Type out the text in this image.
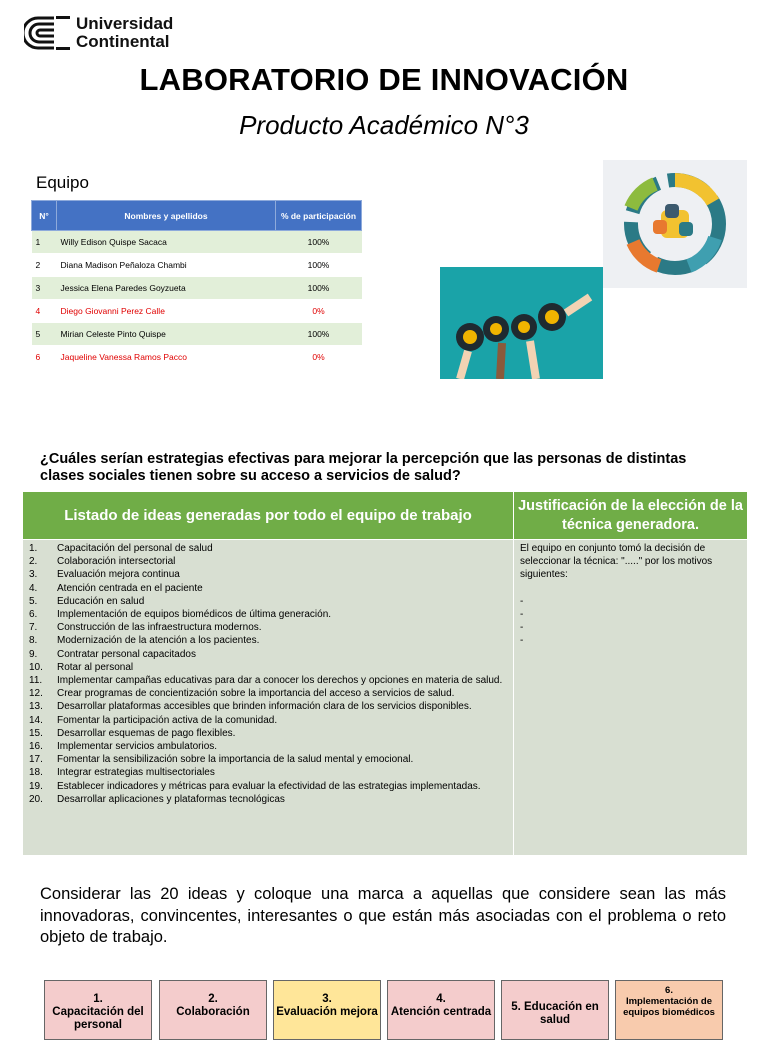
Universidad
Continental
LABORATORIO DE INNOVACIÓN
Producto Académico N°3
Equipo
N°	Nombres y apellidos	% de participación
1	Willy Edison Quispe Sacaca	100%
2	Diana Madison Peñaloza Chambi	100%
3	Jessica Elena Paredes Goyzueta	100%
4	Diego Giovanni Perez Calle	0%
5	Mirian Celeste Pinto Quispe	100%
6	Jaqueline Vanessa Ramos Pacco	0%
¿Cuáles serían estrategias efectivas para mejorar la percepción que las personas de distintas clases sociales tienen sobre su acceso a servicios de salud?
Listado de ideas generadas por todo el equipo de trabajo
Justificación de la elección de la técnica generadora.
1.	Capacitación del personal de salud
2.	Colaboración intersectorial
3.	Evaluación mejora continua
4.	Atención centrada en el paciente
5.	Educación en salud
6.	Implementación de equipos biomédicos de última generación.
7.	Construcción de las infraestructura modernos.
8.	Modernización de la atención a los pacientes.
9.	Contratar personal capacitados
10.	Rotar al personal
11.	Implementar campañas educativas para dar a conocer los derechos y opciones en materia de salud.
12.	Crear programas de concientización sobre la importancia del acceso a servicios de salud.
13.	Desarrollar plataformas accesibles que brinden información clara de los servicios disponibles.
14.	Fomentar la participación activa de la comunidad.
15.	Desarrollar esquemas de pago flexibles.
16.	Implementar servicios ambulatorios.
17.	Fomentar la sensibilización sobre la importancia de la salud mental y emocional.
18.	Integrar estrategias multisectoriales
19.	Establecer indicadores y métricas para evaluar la efectividad de las estrategias implementadas.
20.	Desarrollar aplicaciones y plataformas tecnológicas
El equipo en conjunto tomó la decisión de seleccionar la técnica: "....." por los motivos siguientes:
-
-
-
-
Considerar las 20 ideas y coloque una marca a aquellas que considere sean las más innovadoras, convincentes, interesantes o que están más asociadas con el problema o reto objeto de trabajo.
1.
Capacitación del personal
2.
Colaboración
3.
Evaluación mejora
4.
Atención centrada	5. Educación en salud
6.
Implementación de equipos biomédicos
